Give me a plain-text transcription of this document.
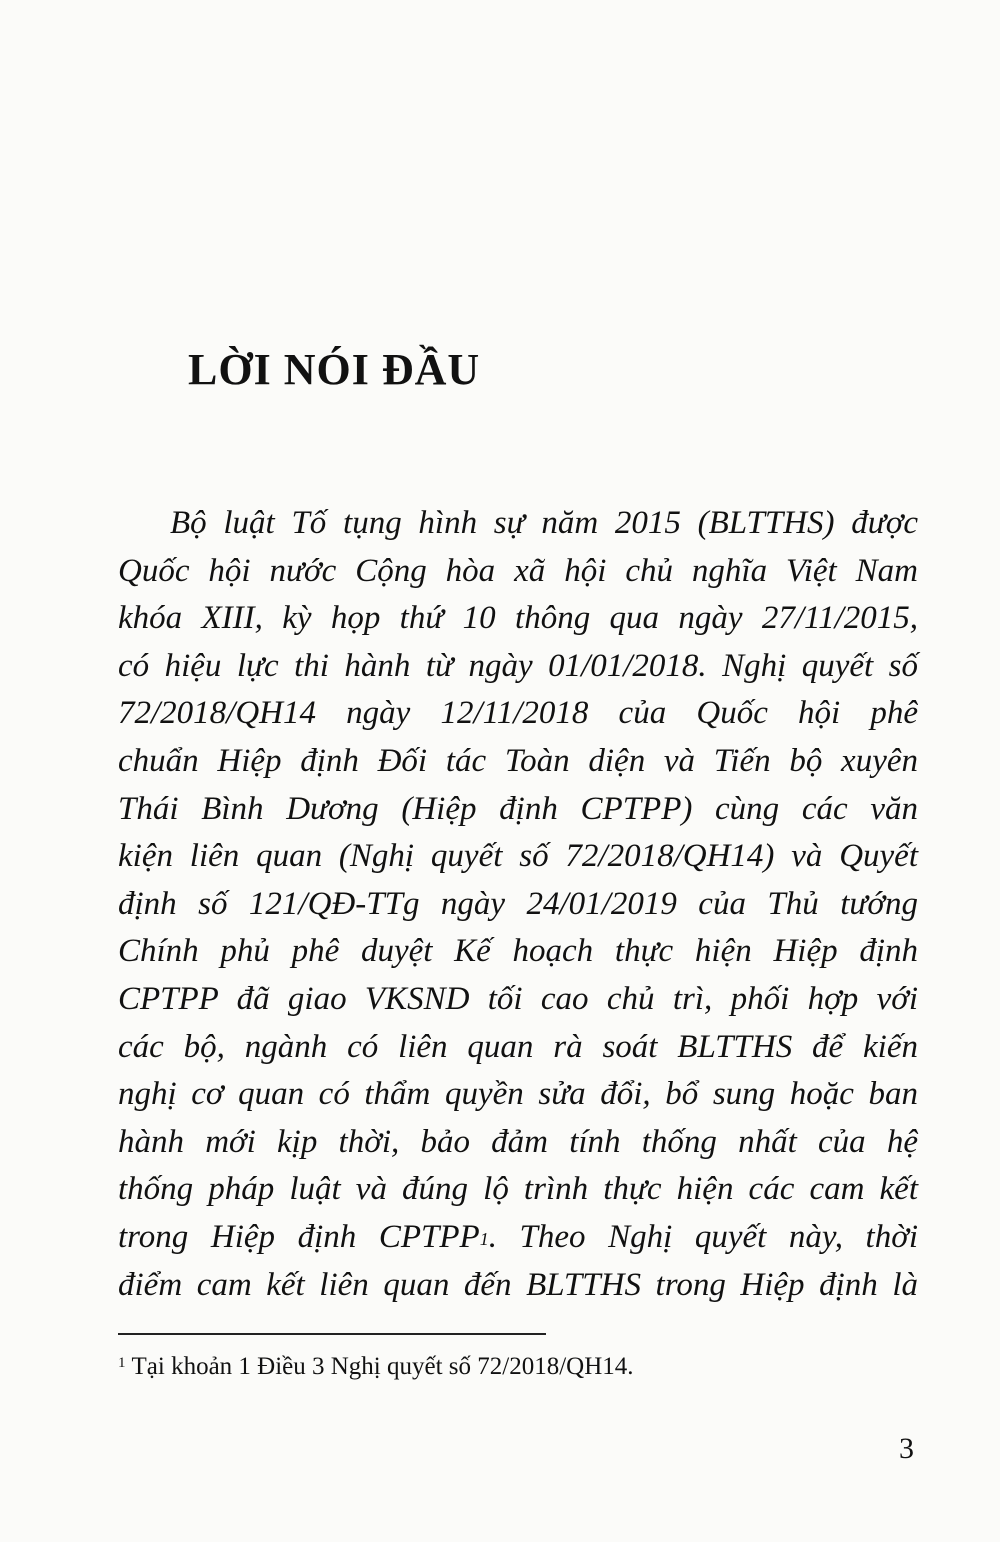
LỜI NÓI ĐẦU
Bộ luật Tố tụng hình sự năm 2015 (BLTTHS) được
Quốc hội nước Cộng hòa xã hội chủ nghĩa Việt Nam
khóa XIII, kỳ họp thứ 10 thông qua ngày 27/11/2015,
có hiệu lực thi hành từ ngày 01/01/2018. Nghị quyết số
72/2018/QH14 ngày 12/11/2018 của Quốc hội phê
chuẩn Hiệp định Đối tác Toàn diện và Tiến bộ xuyên
Thái Bình Dương (Hiệp định CPTPP) cùng các văn
kiện liên quan (Nghị quyết số 72/2018/QH14) và Quyết
định số 121/QĐ-TTg ngày 24/01/2019 của Thủ tướng
Chính phủ phê duyệt Kế hoạch thực hiện Hiệp định
CPTPP đã giao VKSND tối cao chủ trì, phối hợp với
các bộ, ngành có liên quan rà soát BLTTHS để kiến
nghị cơ quan có thẩm quyền sửa đổi, bổ sung hoặc ban
hành mới kịp thời, bảo đảm tính thống nhất của hệ
thống pháp luật và đúng lộ trình thực hiện các cam kết
trong Hiệp định CPTPP$^1$. Theo Nghị quyết này, thời
điểm cam kết liên quan đến BLTTHS trong Hiệp định là
$^1$ Tại khoản 1 Điều 3 Nghị quyết số 72/2018/QH14.
3
